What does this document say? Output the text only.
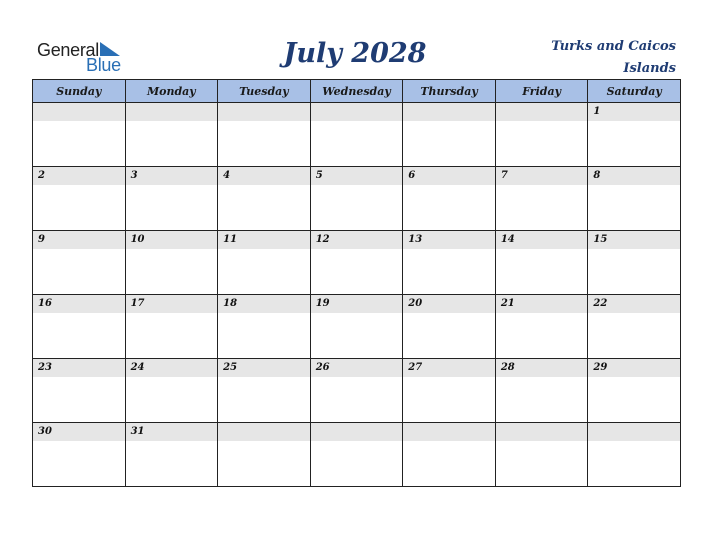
General
Blue	July 2028	Turks and Caicos
Islands
Sunday	Monday	Tuesday	Wednesday	Thursday	Friday	Saturday

						1

2	3	4	5	6	7	8

9	10	11	12	13	14	15

16	17	18	19	20	21	22

23	24	25	26	27	28	29

30	31					
